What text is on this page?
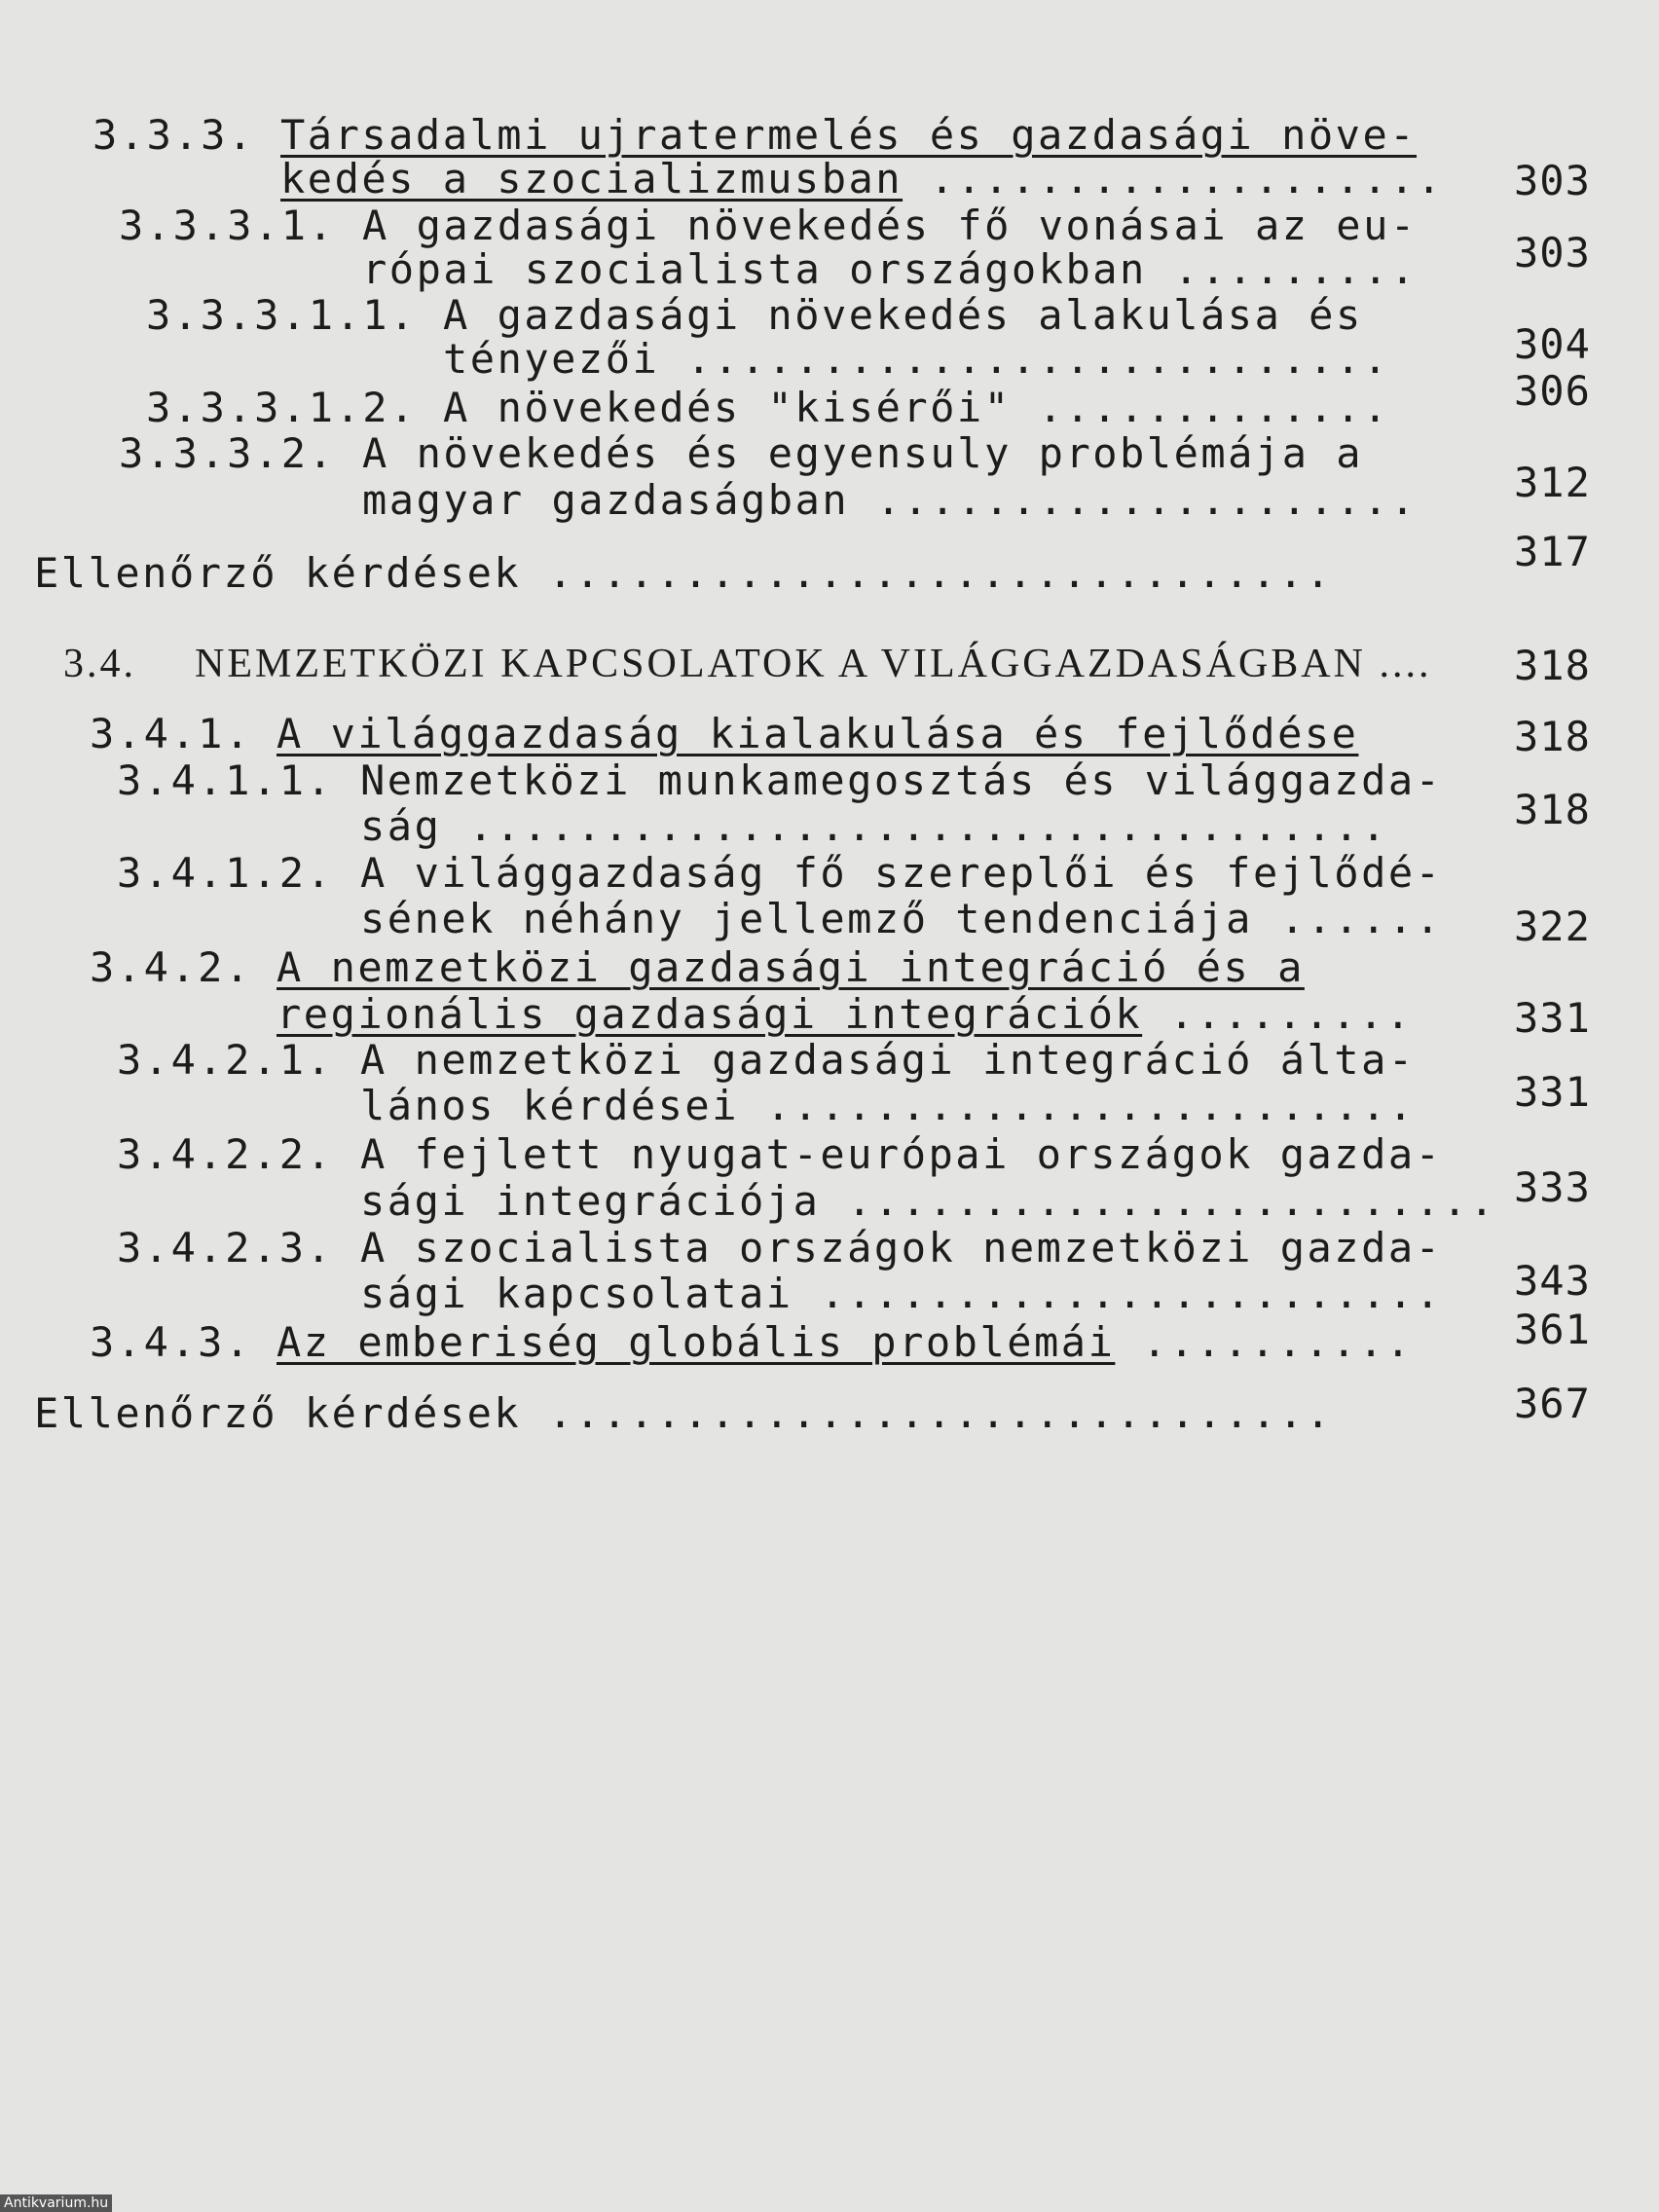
3.3.3. Társadalmi ujratermelés és gazdasági növe-
kedés a szocializmusban ................... 303
3.3.3.1. A gazdasági növekedés fő vonásai az eu-
rópai szocialista országokban ......... 303
3.3.3.1.1. A gazdasági növekedés alakulása és
tényezői ..........................	304
3.3.3.1.2. A növekedés "kisérői" .............	306
3.3.3.2. A növekedés és egyensuly problémája a
magyar gazdaságban .................... 312
Ellenőrző kérdések .............................	317
3.4. NEMZETKÖZI KAPCSOLATOK A VILÁGGAZDASÁGBAN .... 318
3.4.1. A világgazdaság kialakulása és fejlődése	318
3.4.1.1. Nemzetközi munkamegosztás és világgazda-
ság ..................................	318
3.4.1.2. A világgazdaság fő szereplői és fejlődé-
sének néhány jellemző tendenciája ...... 322
3.4.2. A nemzetközi gazdasági integráció és a
regionális gazdasági integrációk ......... 331
3.4.2.1. A nemzetközi gazdasági integráció álta-
lános kérdései ........................ 331
3.4.2.2. A fejlett nyugat-európai országok gazda-
sági integrációja ........................ 333
3.4.2.3. A szocialista országok nemzetközi gazda-
sági kapcsolatai ....................... 343
3.4.3. Az emberiség globális problémái .......... 361
Ellenőrző kérdések .............................	367
Antikvarium.hu
